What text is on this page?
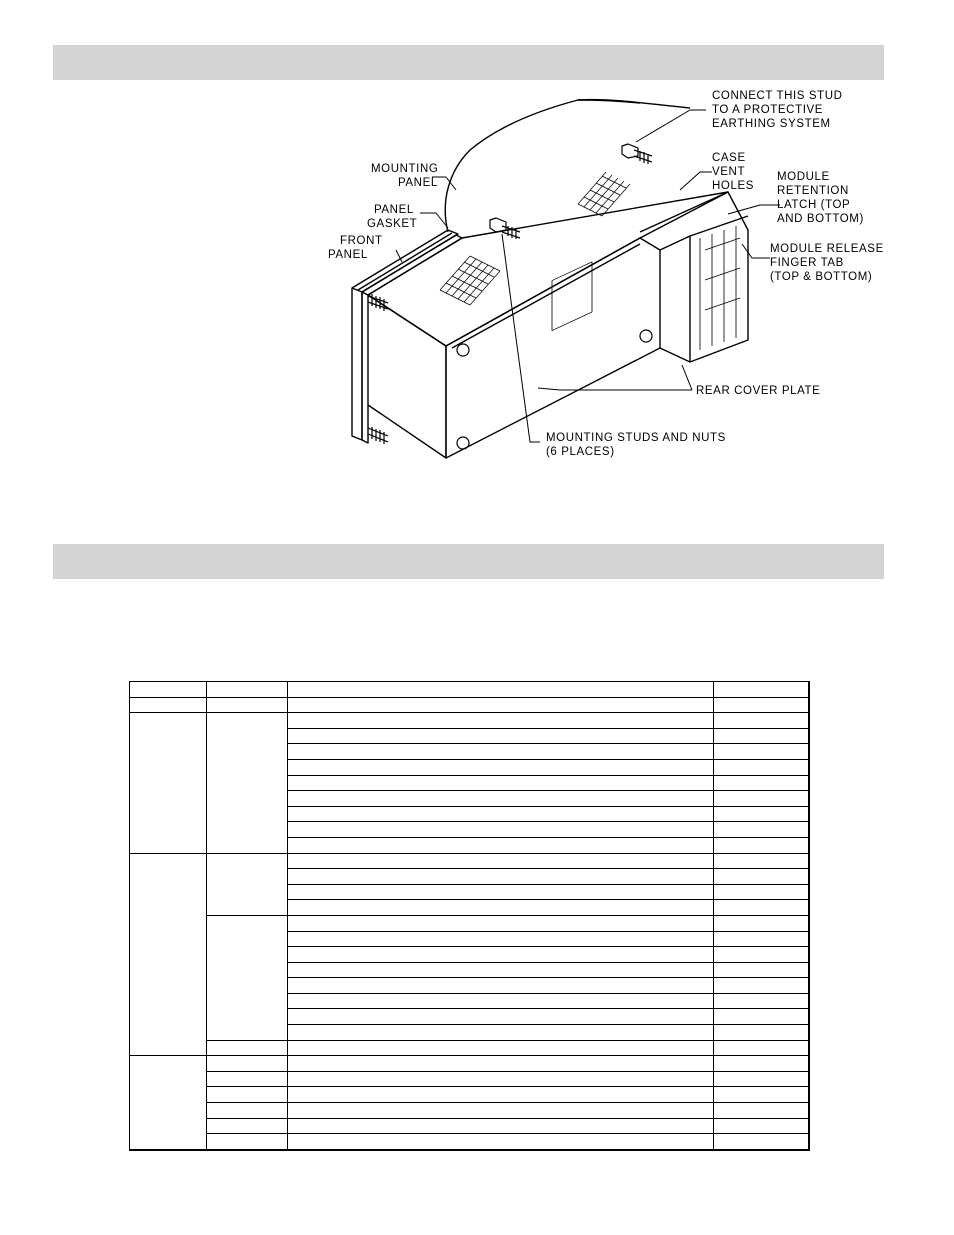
CONNECT THIS STUD
TO A PROTECTIVE
EARTHING SYSTEM
CASE
VENT
HOLES
MODULE
RETENTION
LATCH (TOP
AND BOTTOM)
MODULE RELEASE
FINGER TAB
(TOP & BOTTOM)
MOUNTING
PANEL
PANEL
GASKET
FRONT
PANEL
REAR COVER PLATE
MOUNTING STUDS AND NUTS
(6 PLACES)
